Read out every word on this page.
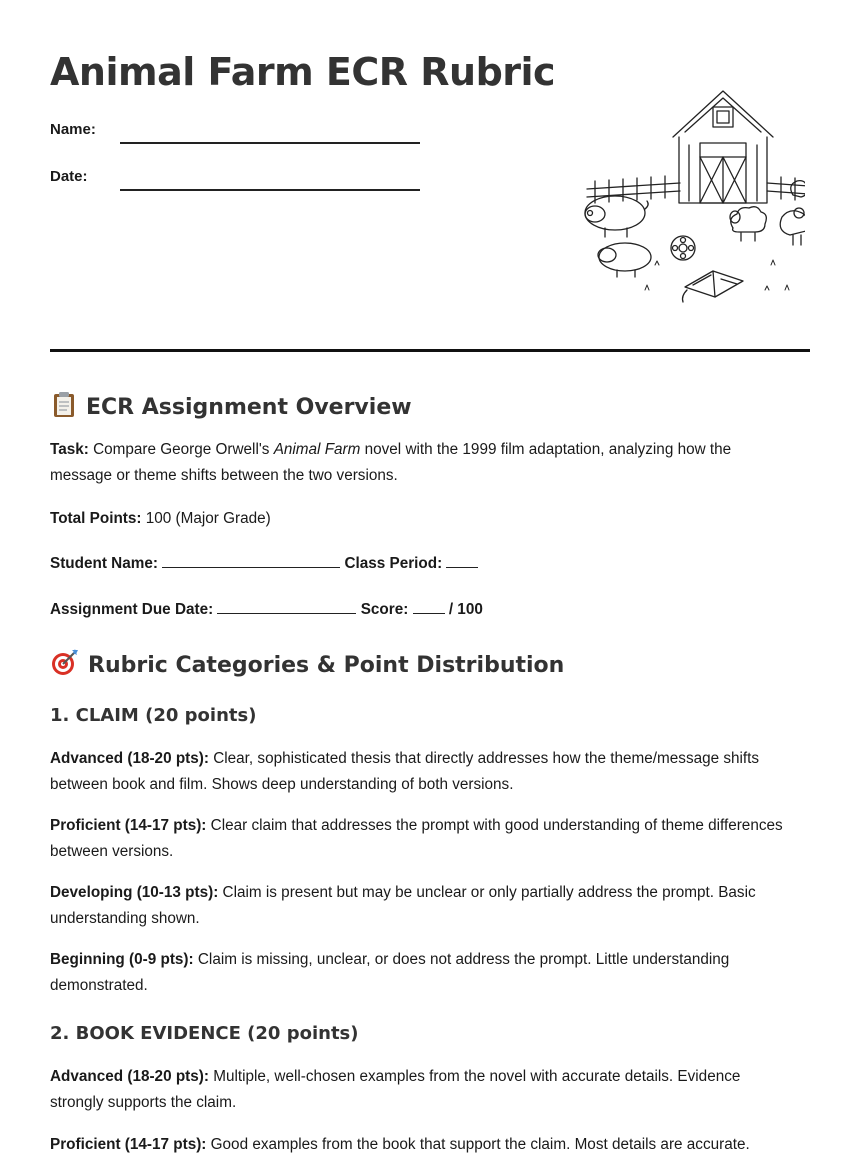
Animal Farm ECR Rubric
Name:
Date:
ECR Assignment Overview

Task: Compare George Orwell's Animal Farm novel with the 1999 film adaptation, analyzing how the message or theme shifts between the two versions.

Total Points: 100 (Major Grade)

Student Name:	Class Period:

Assignment Due Date:	Score:	/ 100

Rubric Categories & Point Distribution
1. CLAIM (20 points)

Advanced (18-20 pts): Clear, sophisticated thesis that directly addresses how the theme/message shifts between book and film. Shows deep understanding of both versions.

Proficient (14-17 pts): Clear claim that addresses the prompt with good understanding of theme differences between versions.

Developing (10-13 pts): Claim is present but may be unclear or only partially address the prompt. Basic understanding shown.

Beginning (0-9 pts): Claim is missing, unclear, or does not address the prompt. Little understanding demonstrated.

2. BOOK EVIDENCE (20 points)

Advanced (18-20 pts): Multiple, well-chosen examples from the novel with accurate details. Evidence strongly supports the claim.

Proficient (14-17 pts): Good examples from the book that support the claim. Most details are accurate.
